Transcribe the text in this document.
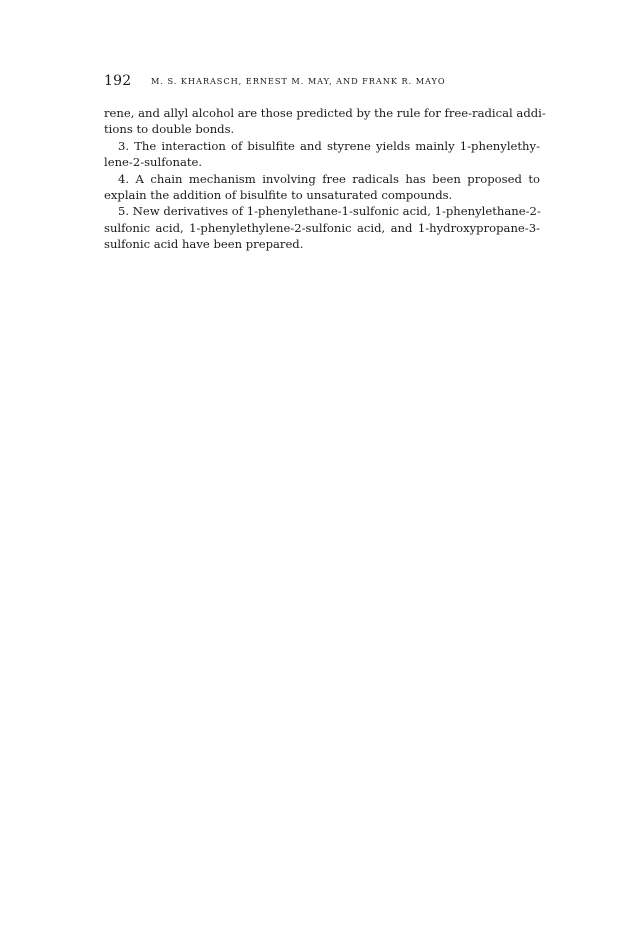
192 M. S. KHARASCH, ERNEST M. MAY, AND FRANK R. MAYO
rene, and allyl alcohol are those predicted by the rule for free-radical addi-
tions to double bonds.
3. The interaction of bisulfite and styrene yields mainly 1-phenylethy-
lene-2-sulfonate.
4. A chain mechanism involving free radicals has been proposed to
explain the addition of bisulfite to unsaturated compounds.
5. New derivatives of 1-phenylethane-1-sulfonic acid, 1-phenylethane-2-
sulfonic acid, 1-phenylethylene-2-sulfonic acid, and 1-hydroxypropane-3-
sulfonic acid have been prepared.
